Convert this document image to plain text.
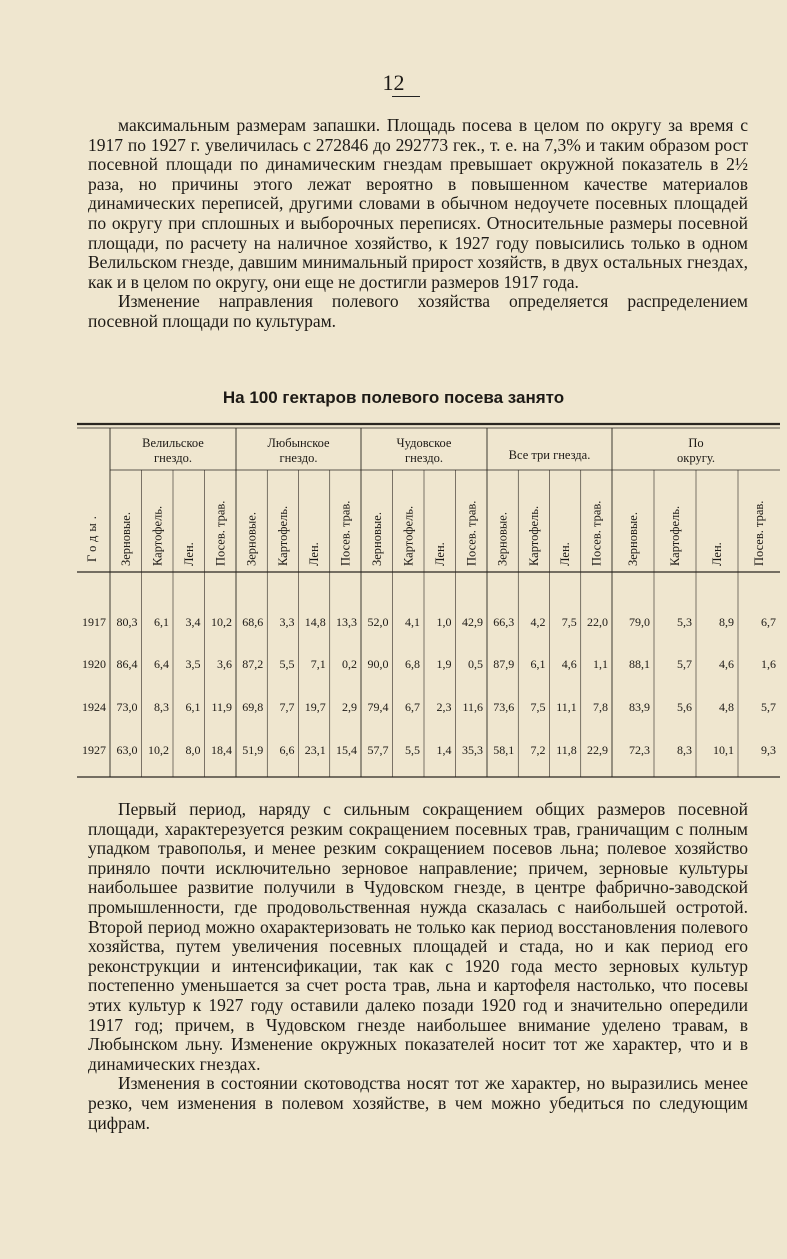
12

максимальным размерам запашки. Площадь посева в целом по округу за время с 1917 по 1927 г. увеличилась с 272846 до 292773 гек., т. е. на 7,3% и таким образом рост посевной площади по динамическим гнездам превышает окружной показатель в 2½ раза, но причины этого лежат вероятно в повышенном качестве материалов динамических переписей, другими словами в обычном недоучете посевных площадей по округу при сплошных и выборочных переписях. Относительные размеры посевной площади, по расчету на наличное хозяйство, к 1927 году повысились только в одном Велильском гнезде, давшим минимальный прирост хозяйств, в двух остальных гнездах, как и в целом по округу, они еще не достигли размеров 1917 года.

Изменение направления полевого хозяйства определяется распределением посевной площади по культурам.

На 100 гектаров полевого посева занято
Велильское
гнездо.
Зерновые. Картофель. Лен. Посев. трав.
Любынское
гнездо.
Зерновые. Картофель. Лен. Посев. трав.
Чудовское
гнездо.
Зерновые. Картофель. Лен. Посев. трав.
Все три гнезда.
Зерновые. Картофель. Лен. Посев. трав.
По
округу.
Зерновые. Картофель. Лен. Посев. трав.
Годы.
1917 80,3 6,1 3,4 10,2 68,6 3,3 14,8 13,3 52,0 4,1 1,0 42,9 66,3 4,2 7,5 22,0 79,0 5,3 8,9 6,7
1920 86,4 6,4 3,5 3,6 87,2 5,5 7,1 0,2 90,0 6,8 1,9 0,5 87,9 6,1 4,6 1,1 88,1 5,7 4,6 1,6
1924 73,0 8,3 6,1 11,9 69,8 7,7 19,7 2,9 79,4 6,7 2,3 11,6 73,6 7,5 11,1 7,8 83,9 5,6 4,8 5,7
1927 63,0 10,2 8,0 18,4 51,9 6,6 23,1 15,4 57,7 5,5 1,4 35,3 58,1 7,2 11,8 22,9 72,3 8,3 10,1 9,3

Первый период, наряду с сильным сокращением общих размеров посевной площади, характерезуется резким сокращением посевных трав, граничащим с полным упадком травополья, и менее резким сокращением посевов льна; полевое хозяйство приняло почти исключительно зерновое направление; причем, зерновые культуры наибольшее развитие получили в Чудовском гнезде, в центре фабрично-заводской промышленности, где продовольственная нужда сказалась с наибольшей остротой. Второй период можно охарактеризовать не только как период восстановления полевого хозяйства, путем увеличения посевных площадей и стада, но и как период его реконструкции и интенсификации, так как с 1920 года место зерновых культур постепенно уменьшается за счет роста трав, льна и картофеля настолько, что посевы этих культур к 1927 году оставили далеко позади 1920 год и значительно опередили 1917 год; причем, в Чудовском гнезде наибольшее внимание уделено травам, в Любынском льну. Изменение окружных показателей носит тот же характер, что и в динамических гнездах.

Изменения в состоянии скотоводства носят тот же характер, но выразились менее резко, чем изменения в полевом хозяйстве, в чем можно убедиться по следующим цифрам.
